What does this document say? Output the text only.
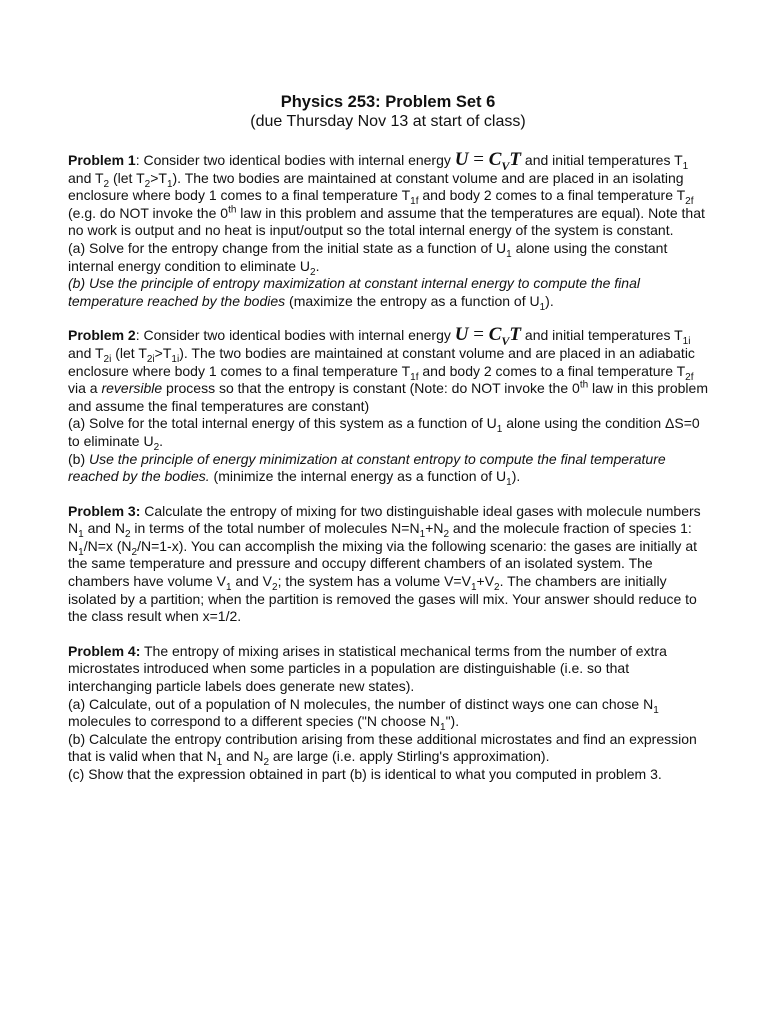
Physics 253: Problem Set 6
(due Thursday Nov 13 at start of class)

Problem 1: Consider two identical bodies with internal energy $U = C_VT$ and initial temperatures $T_1$ and $T_2$ (let $T_2>T_1$). The two bodies are maintained at constant volume and are placed in an isolating enclosure where body 1 comes to a final temperature $T_{1f}$ and body 2 comes to a final temperature $T_{2f}$ (e.g. do NOT invoke the 0th law in this problem and assume that the temperatures are equal). Note that no work is output and no heat is input/output so the total internal energy of the system is constant.

(a) Solve for the entropy change from the initial state as a function of $U_1$ alone using the constant internal energy condition to eliminate $U_2$.

(b) Use the principle of entropy maximization at constant internal energy to compute the final temperature reached by the bodies (maximize the entropy as a function of $U_1$).

Problem 2: Consider two identical bodies with internal energy $U = C_VT$ and initial temperatures $T_{1i}$ and $T_{2i}$ (let $T_{2i}>T_{1i}$). The two bodies are maintained at constant volume and are placed in an adiabatic enclosure where body 1 comes to a final temperature $T_{1f}$ and body 2 comes to a final temperature $T_{2f}$ via a reversible process so that the entropy is constant (Note: do NOT invoke the 0th law in this problem and assume the final temperatures are constant)

(a) Solve for the total internal energy of this system as a function of $U_1$ alone using the condition ΔS=0 to eliminate $U_2$.

(b) Use the principle of energy minimization at constant entropy to compute the final temperature reached by the bodies. (minimize the internal energy as a function of $U_1$).

Problem 3: Calculate the entropy of mixing for two distinguishable ideal gases with molecule numbers $N_1$ and $N_2$ in terms of the total number of molecules $N=N_1+N_2$ and the molecule fraction of species 1: $N_1/N=x$ $(N_2/N=1-x)$. You can accomplish the mixing via the following scenario: the gases are initially at the same temperature and pressure and occupy different chambers of an isolated system. The chambers have volume $V_1$ and $V_2$; the system has a volume $V=V_1+V_2$. The chambers are initially isolated by a partition; when the partition is removed the gases will mix. Your answer should reduce to the class result when x=1/2.

Problem 4: The entropy of mixing arises in statistical mechanical terms from the number of extra microstates introduced when some particles in a population are distinguishable (i.e. so that interchanging particle labels does generate new states).

(a) Calculate, out of a population of N molecules, the number of distinct ways one can chose $N_1$ molecules to correspond to a different species ("N choose $N_1$").

(b) Calculate the entropy contribution arising from these additional microstates and find an expression that is valid when that $N_1$ and $N_2$ are large (i.e. apply Stirling's approximation).

(c) Show that the expression obtained in part (b) is identical to what you computed in problem 3.
